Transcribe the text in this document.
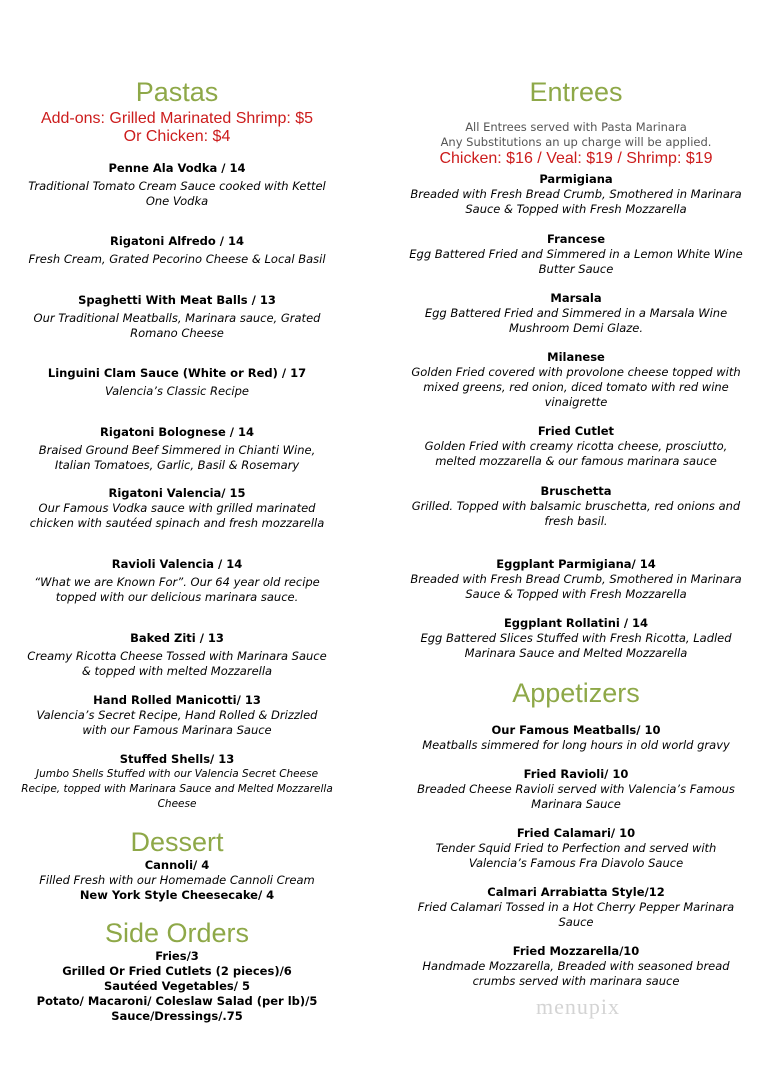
Pastas
Add-ons: Grilled Marinated Shrimp: $5
Or Chicken: $4
Penne Ala Vodka / 14
Traditional Tomato Cream Sauce cooked with Kettel
One Vodka
Rigatoni Alfredo / 14
Fresh Cream, Grated Pecorino Cheese & Local Basil
Spaghetti With Meat Balls / 13
Our Traditional Meatballs, Marinara sauce, Grated
Romano Cheese
Linguini Clam Sauce (White or Red) / 17
Valencia’s Classic Recipe
Rigatoni Bolognese / 14
Braised Ground Beef Simmered in Chianti Wine,
Italian Tomatoes, Garlic, Basil & Rosemary
Rigatoni Valencia/ 15
Our Famous Vodka sauce with grilled marinated
chicken with sautéed spinach and fresh mozzarella
Ravioli Valencia / 14
“What we are Known For”. Our 64 year old recipe
topped with our delicious marinara sauce.
Baked Ziti / 13
Creamy Ricotta Cheese Tossed with Marinara Sauce
& topped with melted Mozzarella
Hand Rolled Manicotti/ 13
Valencia’s Secret Recipe, Hand Rolled & Drizzled
with our Famous Marinara Sauce
Stuffed Shells/ 13
Jumbo Shells Stuffed with our Valencia Secret Cheese
Recipe, topped with Marinara Sauce and Melted Mozzarella
Cheese
Dessert
Cannoli/ 4
Filled Fresh with our Homemade Cannoli Cream
New York Style Cheesecake/ 4
Side Orders
Fries/3
Grilled Or Fried Cutlets (2 pieces)/6
Sautéed Vegetables/ 5
Potato/ Macaroni/ Coleslaw Salad (per lb)/5
Sauce/Dressings/.75
Entrees
All Entrees served with Pasta Marinara
Any Substitutions an up charge will be applied.
Chicken: $16 / Veal: $19 / Shrimp: $19
Parmigiana
Breaded with Fresh Bread Crumb, Smothered in Marinara
Sauce & Topped with Fresh Mozzarella
Francese
Egg Battered Fried and Simmered in a Lemon White Wine
Butter Sauce
Marsala
Egg Battered Fried and Simmered in a Marsala Wine
Mushroom Demi Glaze.
Milanese
Golden Fried covered with provolone cheese topped with
mixed greens, red onion, diced tomato with red wine
vinaigrette
Fried Cutlet
Golden Fried with creamy ricotta cheese, prosciutto,
melted mozzarella & our famous marinara sauce
Bruschetta
Grilled. Topped with balsamic bruschetta, red onions and
fresh basil.
Eggplant Parmigiana/ 14
Breaded with Fresh Bread Crumb, Smothered in Marinara
Sauce & Topped with Fresh Mozzarella
Eggplant Rollatini / 14
Egg Battered Slices Stuffed with Fresh Ricotta, Ladled
Marinara Sauce and Melted Mozzarella
Appetizers
Our Famous Meatballs/ 10
Meatballs simmered for long hours in old world gravy
Fried Ravioli/ 10
Breaded Cheese Ravioli served with Valencia’s Famous
Marinara Sauce
Fried Calamari/ 10
Tender Squid Fried to Perfection and served with
Valencia’s Famous Fra Diavolo Sauce
Calmari Arrabiatta Style/12
Fried Calamari Tossed in a Hot Cherry Pepper Marinara
Sauce
Fried Mozzarella/10
Handmade Mozzarella, Breaded with seasoned bread
crumbs served with marinara sauce
menupix
